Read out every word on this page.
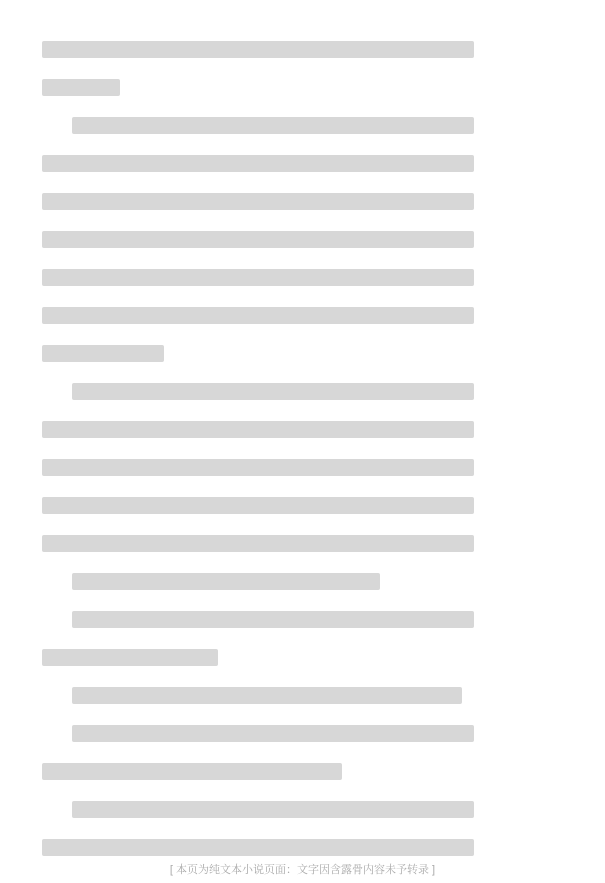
[ 本页为纯文本小说页面：文字因含露骨内容未予转录 ]
